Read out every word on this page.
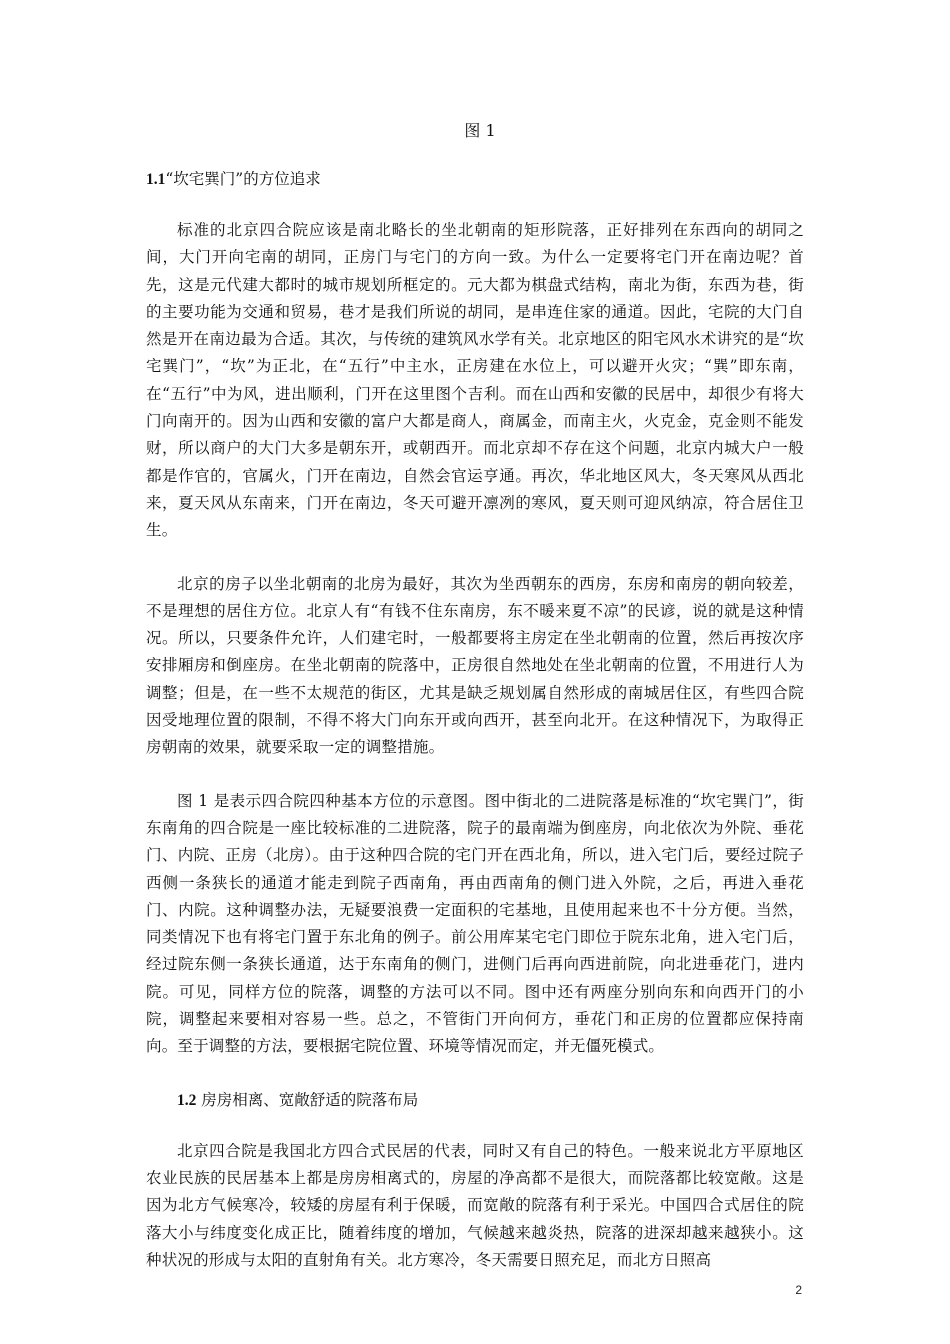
图 1
1.1“坎宅巽门”的方位追求

标准的北京四合院应该是南北略长的坐北朝南的矩形院落，正好排列在东西向的胡同之间，大门开向宅南的胡同，正房门与宅门的方向一致。为什么一定要将宅门开在南边呢？首先，这是元代建大都时的城市规划所框定的。元大都为棋盘式结构，南北为街，东西为巷，街的主要功能为交通和贸易，巷才是我们所说的胡同，是串连住家的通道。因此，宅院的大门自然是开在南边最为合适。其次，与传统的建筑风水学有关。北京地区的阳宅风水术讲究的是“坎宅巽门”，“坎”为正北，在“五行”中主水，正房建在水位上，可以避开火灾；“巽”即东南，在“五行”中为风，进出顺利，门开在这里图个吉利。而在山西和安徽的民居中，却很少有将大门向南开的。因为山西和安徽的富户大都是商人，商属金，而南主火，火克金，克金则不能发财，所以商户的大门大多是朝东开，或朝西开。而北京却不存在这个问题，北京内城大户一般都是作官的，官属火，门开在南边，自然会官运亨通。再次，华北地区风大，冬天寒风从西北来，夏天风从东南来，门开在南边，冬天可避开凛冽的寒风，夏天则可迎风纳凉，符合居住卫生。

北京的房子以坐北朝南的北房为最好，其次为坐西朝东的西房，东房和南房的朝向较差，不是理想的居住方位。北京人有“有钱不住东南房，东不暖来夏不凉”的民谚，说的就是这种情况。所以，只要条件允许，人们建宅时，一般都要将主房定在坐北朝南的位置，然后再按次序安排厢房和倒座房。在坐北朝南的院落中，正房很自然地处在坐北朝南的位置，不用进行人为调整；但是，在一些不太规范的街区，尤其是缺乏规划属自然形成的南城居住区，有些四合院因受地理位置的限制，不得不将大门向东开或向西开，甚至向北开。在这种情况下，为取得正房朝南的效果，就要采取一定的调整措施。

图 1 是表示四合院四种基本方位的示意图。图中街北的二进院落是标准的“坎宅巽门”，街东南角的四合院是一座比较标准的二进院落，院子的最南端为倒座房，向北依次为外院、垂花门、内院、正房（北房）。由于这种四合院的宅门开在西北角，所以，进入宅门后，要经过院子西侧一条狭长的通道才能走到院子西南角，再由西南角的侧门进入外院，之后，再进入垂花门、内院。这种调整办法，无疑要浪费一定面积的宅基地，且使用起来也不十分方便。当然，同类情况下也有将宅门置于东北角的例子。前公用库某宅宅门即位于院东北角，进入宅门后，经过院东侧一条狭长通道，达于东南角的侧门，进侧门后再向西进前院，向北进垂花门，进内院。可见，同样方位的院落，调整的方法可以不同。图中还有两座分别向东和向西开门的小院，调整起来要相对容易一些。总之，不管街门开向何方，垂花门和正房的位置都应保持南向。至于调整的方法，要根据宅院位置、环境等情况而定，并无僵死模式。

1.2 房房相离、宽敞舒适的院落布局

北京四合院是我国北方四合式民居的代表，同时又有自己的特色。一般来说北方平原地区农业民族的民居基本上都是房房相离式的，房屋的净高都不是很大，而院落都比较宽敞。这是因为北方气候寒冷，较矮的房屋有利于保暖，而宽敞的院落有利于采光。中国四合式居住的院落大小与纬度变化成正比，随着纬度的增加，气候越来越炎热，院落的进深却越来越狭小。这种状况的形成与太阳的直射角有关。北方寒冷，冬天需要日照充足，而北方日照高

2
